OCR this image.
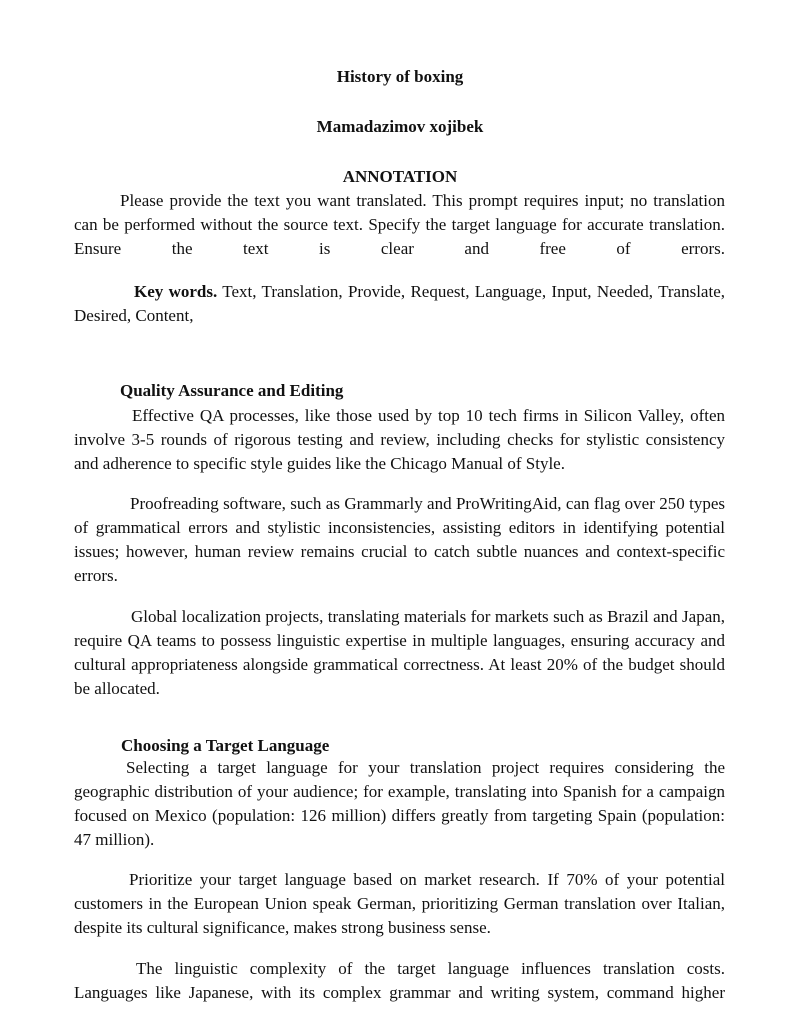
History of boxing
Mamadazimov xojibek
ANNOTATION
Please provide the text you want translated. This prompt requires input; no translation can be performed without the source text. Specify the target language for accurate translation. Ensure the text is clear and free of errors.
Key words. Text, Translation, Provide, Request, Language, Input, Needed, Translate, Desired, Content,
Quality Assurance and Editing
Effective QA processes, like those used by top 10 tech firms in Silicon Valley, often involve 3-5 rounds of rigorous testing and review, including checks for stylistic consistency and adherence to specific style guides like the Chicago Manual of Style.
Proofreading software, such as Grammarly and ProWritingAid, can flag over 250 types of grammatical errors and stylistic inconsistencies, assisting editors in identifying potential issues; however, human review remains crucial to catch subtle nuances and context-specific errors.
Global localization projects, translating materials for markets such as Brazil and Japan, require QA teams to possess linguistic expertise in multiple languages, ensuring accuracy and cultural appropriateness alongside grammatical correctness. At least 20% of the budget should be allocated.
Choosing a Target Language
Selecting a target language for your translation project requires considering the geographic distribution of your audience; for example, translating into Spanish for a campaign focused on Mexico (population: 126 million) differs greatly from targeting Spain (population: 47 million).
Prioritize your target language based on market research. If 70% of your potential customers in the European Union speak German, prioritizing German translation over Italian, despite its cultural significance, makes strong business sense.
The linguistic complexity of the target language influences translation costs. Languages like Japanese, with its complex grammar and writing system, command higher
